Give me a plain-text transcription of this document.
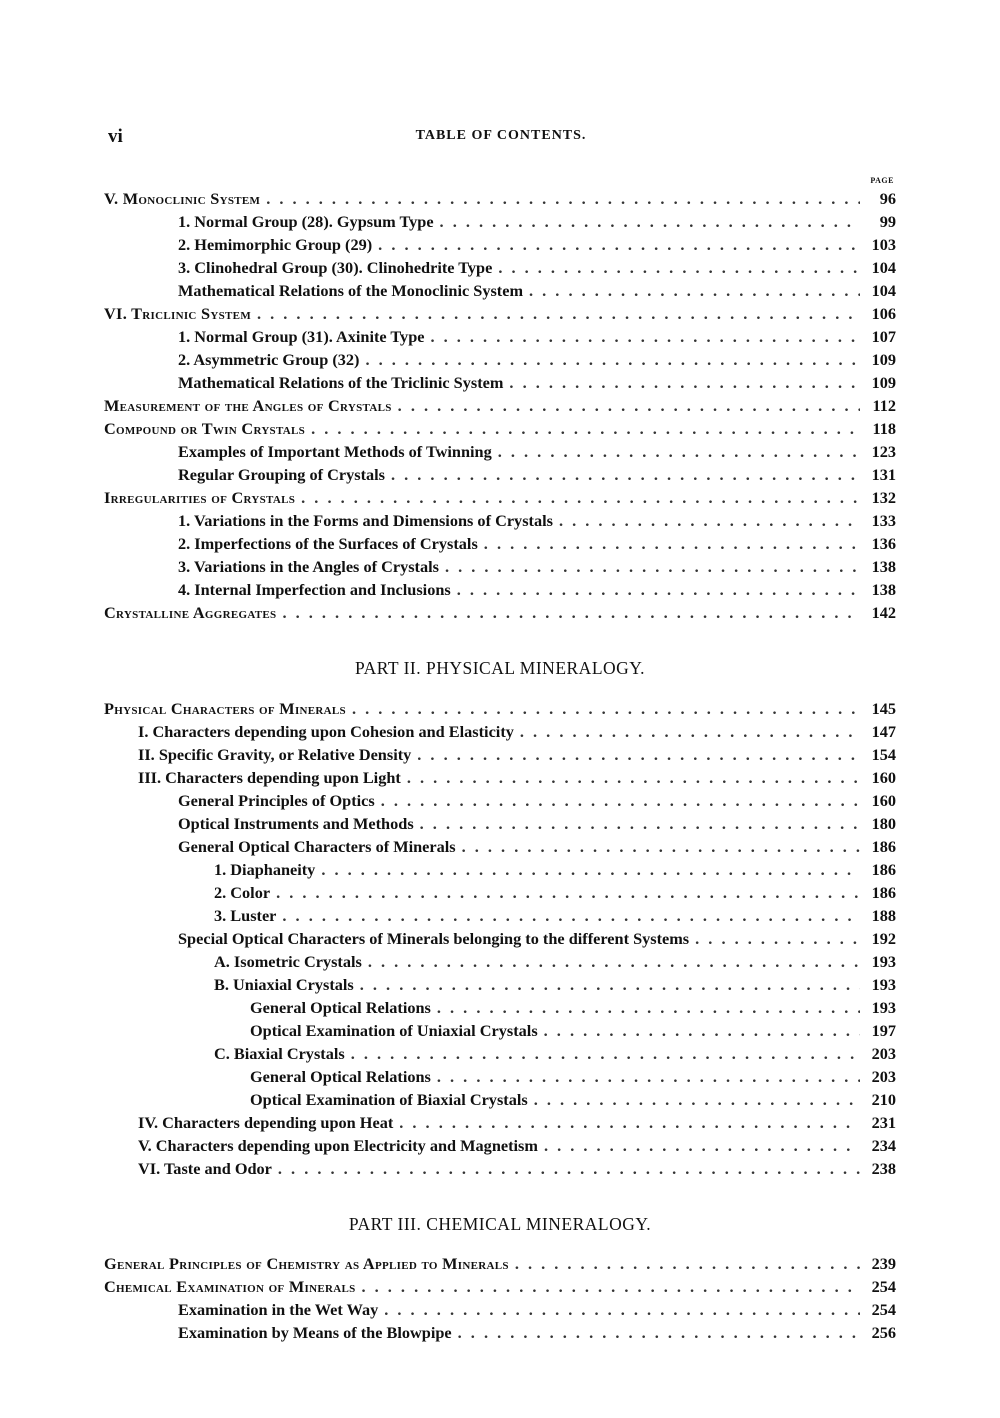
vi	TABLE OF CONTENTS.
PAGE
V. Monoclinic System . . .	96
1. Normal Group (28). Gypsum Type . . .	99
2. Hemimorphic Group (29) . . .	103
3. Clinohedral Group (30). Clinohedrite Type . . .	104
Mathematical Relations of the Monoclinic System . . .	104
VI. Triclinic System . . .	106
1. Normal Group (31). Axinite Type . . .	107
2. Asymmetric Group (32) . . .	109
Mathematical Relations of the Triclinic System . . .	109
Measurement of the Angles of Crystals . . .	112
Compound or Twin Crystals . . .	118
Examples of Important Methods of Twinning . . .	123
Regular Grouping of Crystals . . .	131
Irregularities of Crystals . . .	132
1. Variations in the Forms and Dimensions of Crystals . . .	133
2. Imperfections of the Surfaces of Crystals . . .	136
3. Variations in the Angles of Crystals . . .	138
4. Internal Imperfection and Inclusions . . .	138
Crystalline Aggregates . . .	142
PART II. PHYSICAL MINERALOGY.
Physical Characters of Minerals . . .	145
I. Characters depending upon Cohesion and Elasticity . . .	147
II. Specific Gravity, or Relative Density . . .	154
III. Characters depending upon Light . . .	160
General Principles of Optics . . .	160
Optical Instruments and Methods . . .	180
General Optical Characters of Minerals . . .	186
1. Diaphaneity . . .	186
2. Color . . .	186
3. Luster . . .	188
Special Optical Characters of Minerals belonging to the different Systems . . .	192
A. Isometric Crystals . . .	193
B. Uniaxial Crystals . . .	193
General Optical Relations . . .	193
Optical Examination of Uniaxial Crystals . . .	197
C. Biaxial Crystals . . .	203
General Optical Relations . . .	203
Optical Examination of Biaxial Crystals . . .	210
IV. Characters depending upon Heat . . .	231
V. Characters depending upon Electricity and Magnetism . . .	234
VI. Taste and Odor . . .	238
PART III. CHEMICAL MINERALOGY.
General Principles of Chemistry as Applied to Minerals . . .	239
Chemical Examination of Minerals . . .	254
Examination in the Wet Way . . .	254
Examination by Means of the Blowpipe . . .	256
